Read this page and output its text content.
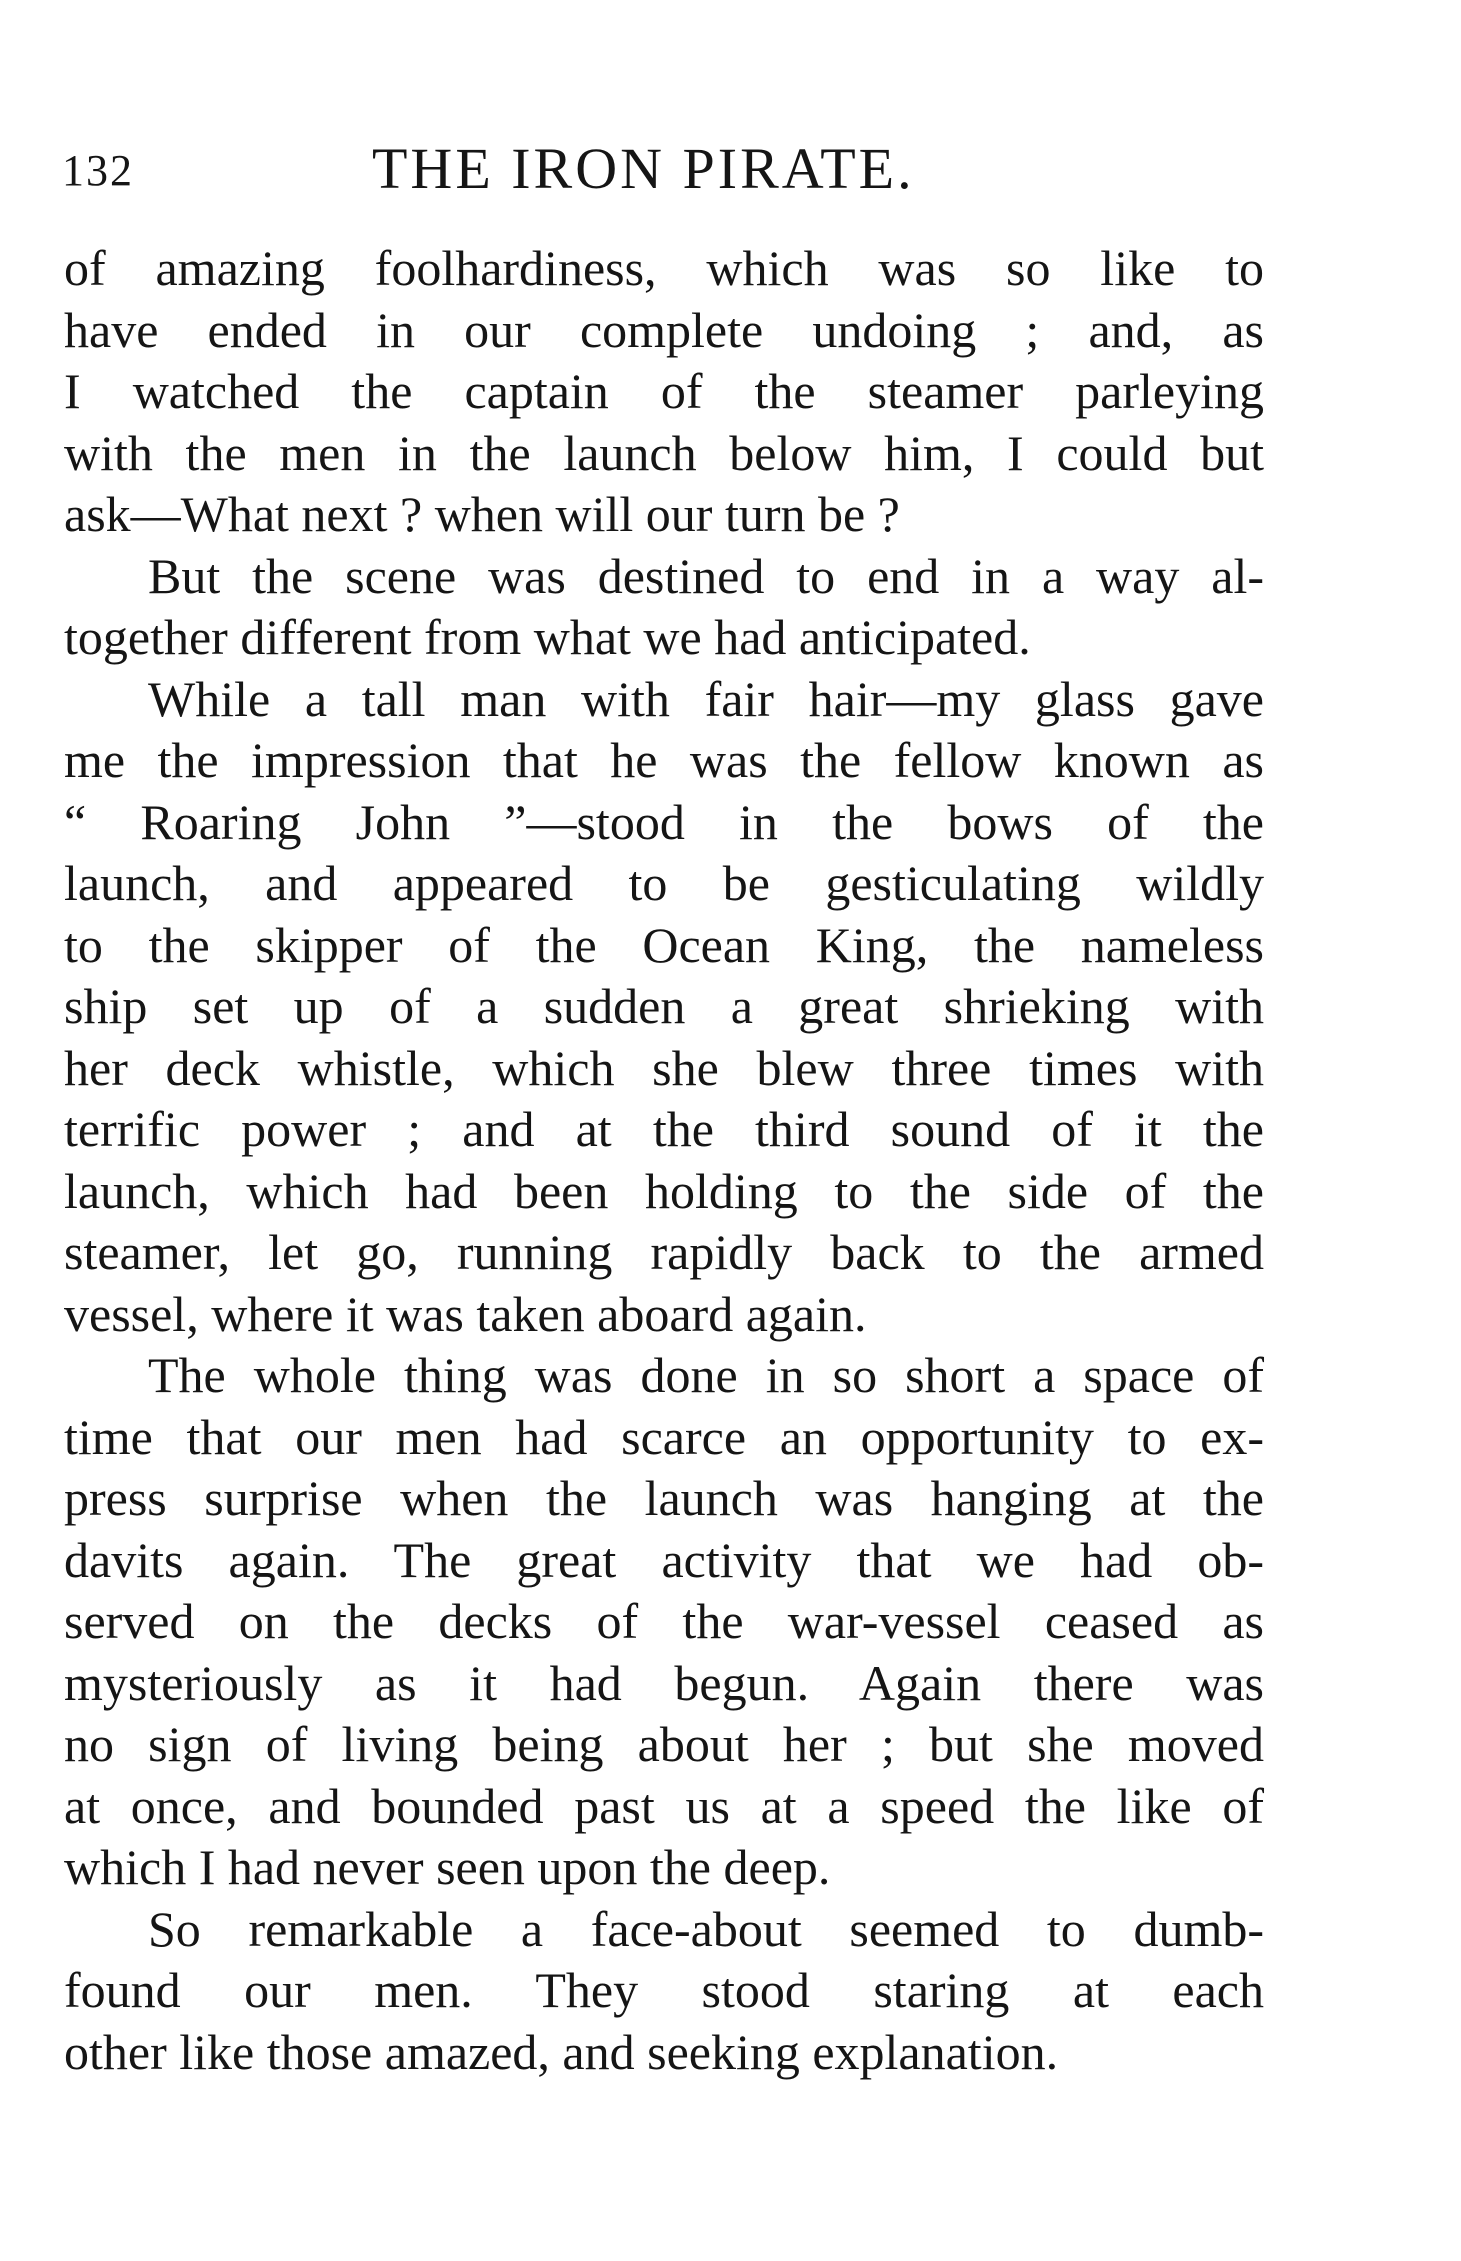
132	THE IRON PIRATE.
of amazing foolhardiness, which was so like to
have ended in our complete undoing ; and, as
I watched the captain of the steamer parleying
with the men in the launch below him, I could but
ask—What next ? when will our turn be ?
But the scene was destined to end in a way al-
together different from what we had anticipated.
While a tall man with fair hair—my glass gave
me the impression that he was the fellow known as
“ Roaring John ”—stood in the bows of the
launch, and appeared to be gesticulating wildly
to the skipper of the Ocean King, the nameless
ship set up of a sudden a great shrieking with
her deck whistle, which she blew three times with
terrific power ; and at the third sound of it the
launch, which had been holding to the side of the
steamer, let go, running rapidly back to the armed
vessel, where it was taken aboard again.
The whole thing was done in so short a space of
time that our men had scarce an opportunity to ex-
press surprise when the launch was hanging at the
davits again. The great activity that we had ob-
served on the decks of the war-vessel ceased as
mysteriously as it had begun. Again there was
no sign of living being about her ; but she moved
at once, and bounded past us at a speed the like of
which I had never seen upon the deep.
So remarkable a face-about seemed to dumb-
found our men. They stood staring at each
other like those amazed, and seeking explanation.
